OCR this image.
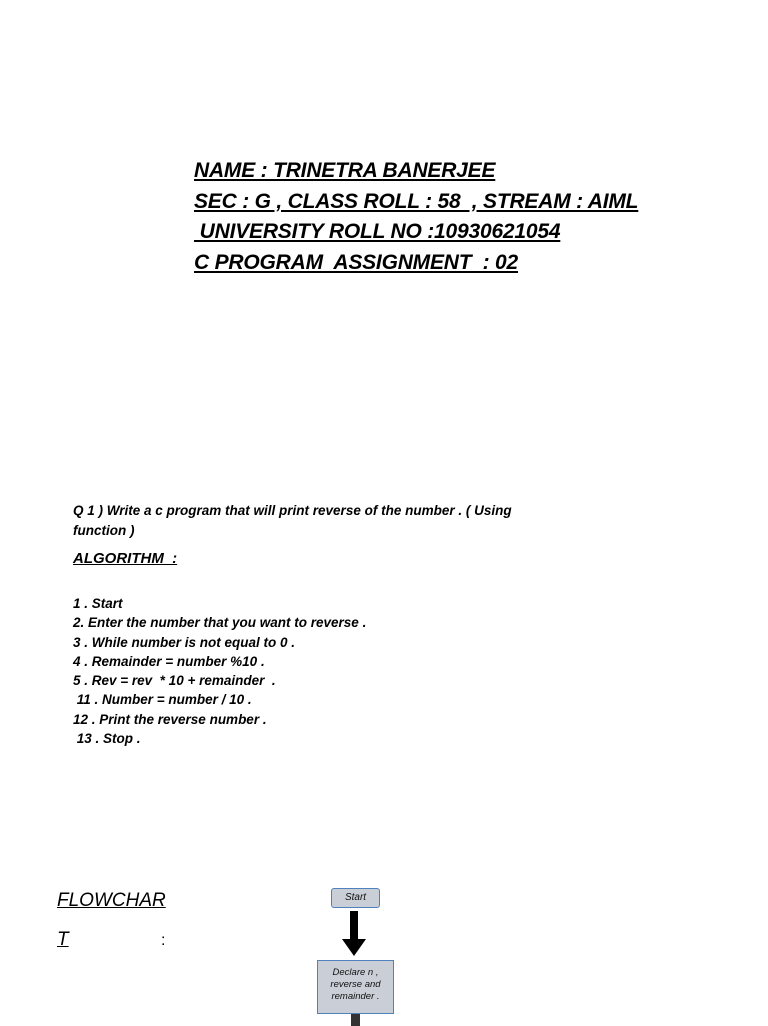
NAME : TRINETRA BANERJEE
SEC : G , CLASS ROLL : 58  , STREAM : AIML
UNIVERSITY ROLL NO :10930621054
C PROGRAM  ASSIGNMENT  : 02
Q 1 ) Write a c program that will print reverse of the number . ( Using function )
ALGORITHM  :
1 . Start
2. Enter the number that you want to reverse .
3 . While number is not equal to 0 .
4 . Remainder = number %10 .
5 . Rev = rev  * 10 + remainder  .
11 . Number = number / 10 .
12 . Print the reverse number .
13 . Stop .
FLOWCHAR
T	:
Start
Declare n , reverse and remainder .
